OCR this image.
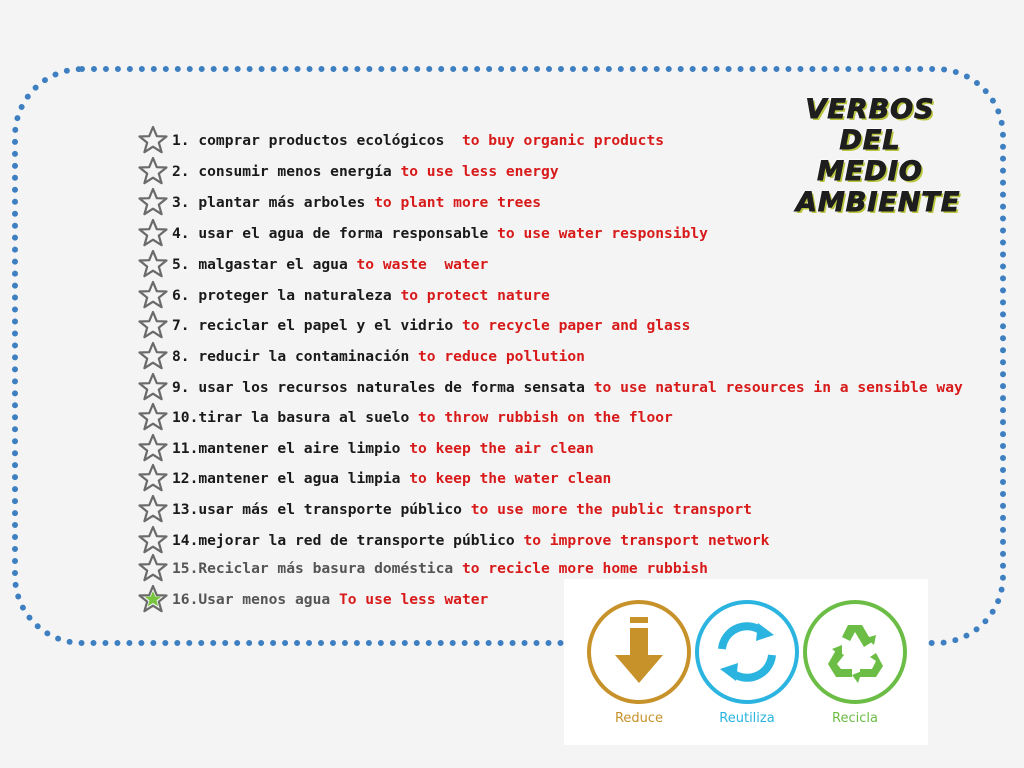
VERBOS
DEL
MEDIO
AMBIENTE
1. comprar productos ecológicos to buy organic products
2. consumir menos energía to use less energy
3. plantar más arboles to plant more trees
4. usar el agua de forma responsable to use water responsibly
5. malgastar el agua to waste  water
6. proteger la naturaleza to protect nature
7. reciclar el papel y el vidrio to recycle paper and glass
8. reducir la contaminación to reduce pollution
9. usar los recursos naturales de forma sensata to use natural resources in a sensible way
10. tirar la basura al suelo to throw rubbish on the floor
11. mantener el aire limpio to keep the air clean
12. mantener el agua limpia to keep the water clean
13. usar más el transporte público to use more the public transport
14. mejorar la red de transporte público to improve transport network
15. Reciclar más basura doméstica to recicle more home rubbish
16. Usar menos agua To use less water
Reduce	Reutiliza	Recicla
